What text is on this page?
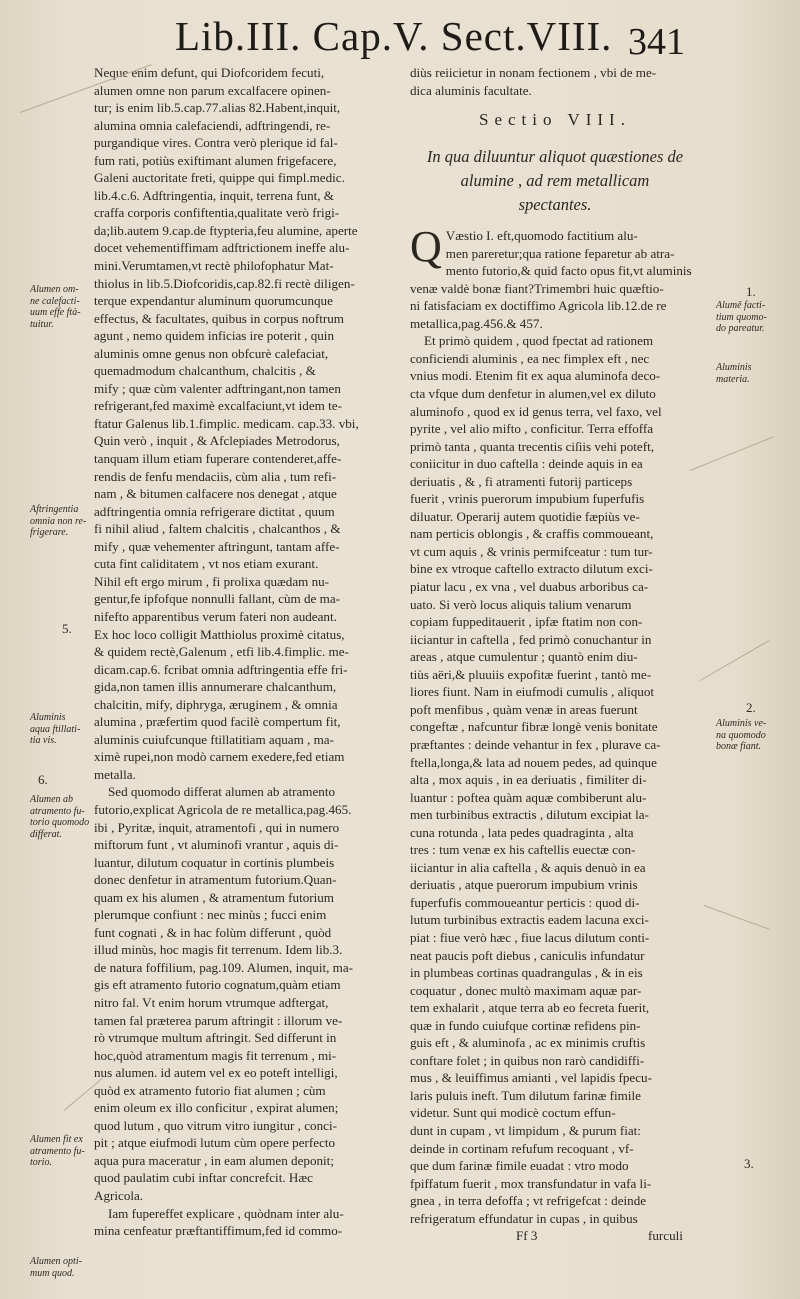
Lib.III. Cap.V. Sect.VIII. 341
Neque enim defunt, qui Diofcoridem fecuti,
alumen omne non parum excalfacere opinen-
tur; is enim lib.5.cap.77.alias 82.Habent,inquit,
alumina omnia calefaciendi, adftringendi, re-
purgandique vires. Contra verò plerique id fal-
fum rati, potiùs exiftimant alumen frigefacere,
Galeni auctoritate freti, quippe qui fimpl.medic.
lib.4.c.6. Adftringentia, inquit, terrena funt, &
craffa corporis confiftentia,qualitate verò frigi-
da;lib.autem 9.cap.de ftypteria,feu alumine, aperte
docet vehementiffimam adftrictionem ineffe alu-
mini.Verumtamen,vt rectè philofophatur Mat-
thiolus in lib.5.Diofcoridis,cap.82.fi rectè diligen-
terque expendantur aluminum quorumcunque
effectus, & facultates, quibus in corpus noftrum
agunt , nemo quidem inficias ire poterit , quin
aluminis omne genus non obfcurè calefaciat,
quemadmodum chalcanthum, chalcitis , &
mify ; quæ cùm valenter adftringant,non tamen
refrigerant,fed maximè excalfaciunt,vt idem te-
ftatur Galenus lib.1.fimplic. medicam. cap.33. vbi,
Quin verò , inquit , & Afclepiades Metrodorus,
tanquam illum etiam fuperare contenderet,affe-
rendis de fenfu mendaciis, cùm alia , tum refi-
nam , & bitumen calfacere nos denegat , atque
adftringentia omnia refrigerare dictitat , quum
fi nihil aliud , faltem chalcitis , chalcanthos , &
mify , quæ vehementer aftringunt, tantam affe-
cuta fint caliditatem , vt nos etiam exurant.
Nihil eft ergo mirum , fi prolixa quædam nu-
gentur,fe ipfofque nonnulli fallant, cùm de ma-
nifefto apparentibus verum fateri non audeant.
Ex hoc loco colligit Matthiolus proximè citatus,
& quidem rectè,Galenum , etfi lib.4.fimplic. me-
dicam.cap.6. fcribat omnia adftringentia effe fri-
gida,non tamen illis annumerare chalcanthum,
chalcitin, mify, diphryga, æruginem , & omnia
alumina , præfertim quod facilè compertum fit,
aluminis cuiufcunque ftillatitiam aquam , ma-
ximè rupei,non modò carnem exedere,fed etiam
metalla.
Sed quomodo differat alumen ab atramento
futorio,explicat Agricola de re metallica,pag.465.
ibi , Pyritæ, inquit, atramentofi , qui in numero
miftorum funt , vt aluminofi vrantur , aquis di-
luantur, dilutum coquatur in cortinis plumbeis
donec denfetur in atramentum futorium.Quan-
quam ex his alumen , & atramentum futorium
plerumque confiunt : nec minùs ; fucci enim
funt cognati , & in hac folùm differunt , quòd
illud minùs, hoc magis fit terrenum. Idem lib.3.
de natura foffilium, pag.109. Alumen, inquit, ma-
gis eft atramento futorio cognatum,quàm etiam
nitro fal. Vt enim horum vtrumque adftergat,
tamen fal præterea parum aftringit : illorum ve-
rò vtrumque multum aftringit. Sed differunt in
hoc,quòd atramentum magis fit terrenum , mi-
nus alumen. id autem vel ex eo poteft intelligi,
quòd ex atramento futorio fiat alumen ; cùm
enim oleum ex illo conficitur , expirat alumen;
quod lutum , quo vitrum vitro iungitur , conci-
pit ; atque eiufmodi lutum cùm opere perfecto
aqua pura maceratur , in eam alumen deponit;
quod paulatim cubi inftar concrefcit. Hæc
Agricola.
Iam fupereffet explicare , quòdnam inter alu-
mina cenfeatur præftantiffimum,fed id commo-
diùs reiicietur in nonam fectionem , vbi de me-
dica aluminis facultate.
Sectio VIII.
In qua diluuntur aliquot quæstiones de
alumine , ad rem metallicam
spectantes.
Q Væstio I. eft,quomodo factitium alu-
men pareretur;qua ratione feparetur ab atra-
mento futorio,& quid facto opus fit,vt aluminis
venæ valdè bonæ fiant?Trimembri huic quæftio-
ni fatisfaciam ex doctiffimo Agricola lib.12.de re
metallica,pag.456.& 457.
Et primò quidem , quod fpectat ad rationem
conficiendi aluminis , ea nec fimplex eft , nec
vnius modi. Etenim fit ex aqua aluminofa deco-
cta vfque dum denfetur in alumen,vel ex diluto
aluminofo , quod ex id genus terra, vel faxo, vel
pyrite , vel alio mifto , conficitur. Terra effoffa
primò tanta , quanta trecentis ciſiis vehi poteft,
coniicitur in duo caftella : deinde aquis in ea
deriuatis , & , fi atramenti futorij particeps
fuerit , vrinis puerorum impubium fuperfufis
diluatur. Operarij autem quotidie fæpiùs ve-
nam perticis oblongis , & craffis commoueant,
vt cum aquis , & vrinis permifceatur : tum tur-
bine ex vtroque caftello extracto dilutum exci-
piatur lacu , ex vna , vel duabus arboribus ca-
uato. Si verò locus aliquis talium venarum
copiam fuppeditauerit , ipfæ ftatim non con-
iiciantur in caftella , fed primò conuchantur in
areas , atque cumulentur ; quantò enim diu-
tiùs aëri,& pluuiis expofitæ fuerint , tantò me-
liores fiunt. Nam in eiufmodi cumulis , aliquot
poft menfibus , quàm venæ in areas fuerunt
congeftæ , nafcuntur fibræ longè venis bonitate
præftantes : deinde vehantur in fex , plurave ca-
ftella,longa,& lata ad nouem pedes, ad quinque
alta , mox aquis , in ea deriuatis , fimiliter di-
luantur : poftea quàm aquæ combiberunt alu-
men turbinibus extractis , dilutum excipiat la-
cuna rotunda , lata pedes quadraginta , alta
tres : tum venæ ex his caftellis euectæ con-
iiciantur in alia caftella , & aquis denuò in ea
deriuatis , atque puerorum impubium vrinis
fuperfufis commoueantur perticis : quod di-
lutum turbinibus extractis eadem lacuna exci-
piat : fiue verò hæc , fiue lacus dilutum conti-
neat paucis poft diebus , caniculis infundatur
in plumbeas cortinas quadrangulas , & in eis
coquatur , donec multò maximam aquæ par-
tem exhalarit , atque terra ab eo fecreta fuerit,
quæ in fundo cuiufque cortinæ refidens pin-
guis eft , & aluminofa , ac ex minimis cruftis
conftare folet ; in quibus non rarò candidiffi-
mus , & leuiffimus amianti , vel lapidis fpecu-
laris puluis ineft. Tum dilutum farinæ fimile
videtur. Sunt qui modicè coctum effun-
dunt in cupam , vt limpidum , & purum fiat:
deinde in cortinam refufum recoquant , vf-
que dum farinæ fimile euadat : vtro modo
fpiffatum fuerit , mox transfundatur in vafa li-
gnea , in terra defoffa ; vt refrigefcat : deinde
refrigeratum effundatur in cupas , in quibus
Ff 3	furculi
Alumen om-
ne calefacti-
uum effe ftà-
tuitur.
Aftringentia
omnia non re-
frigerare.
5.
Aluminis
aqua ftillati-
tia vis.
6.
Alumen ab
atramento fu-
torio quomodo
differat.
Alumen fit ex
atramento fu-
torio.
Alumen opti-
mum quod.
1.
Alumē facti-
tium quomo-
do pareatur.
Aluminis
materia.
2.
Aluminis ve-
na quomodo
bonæ fiant.
3.
